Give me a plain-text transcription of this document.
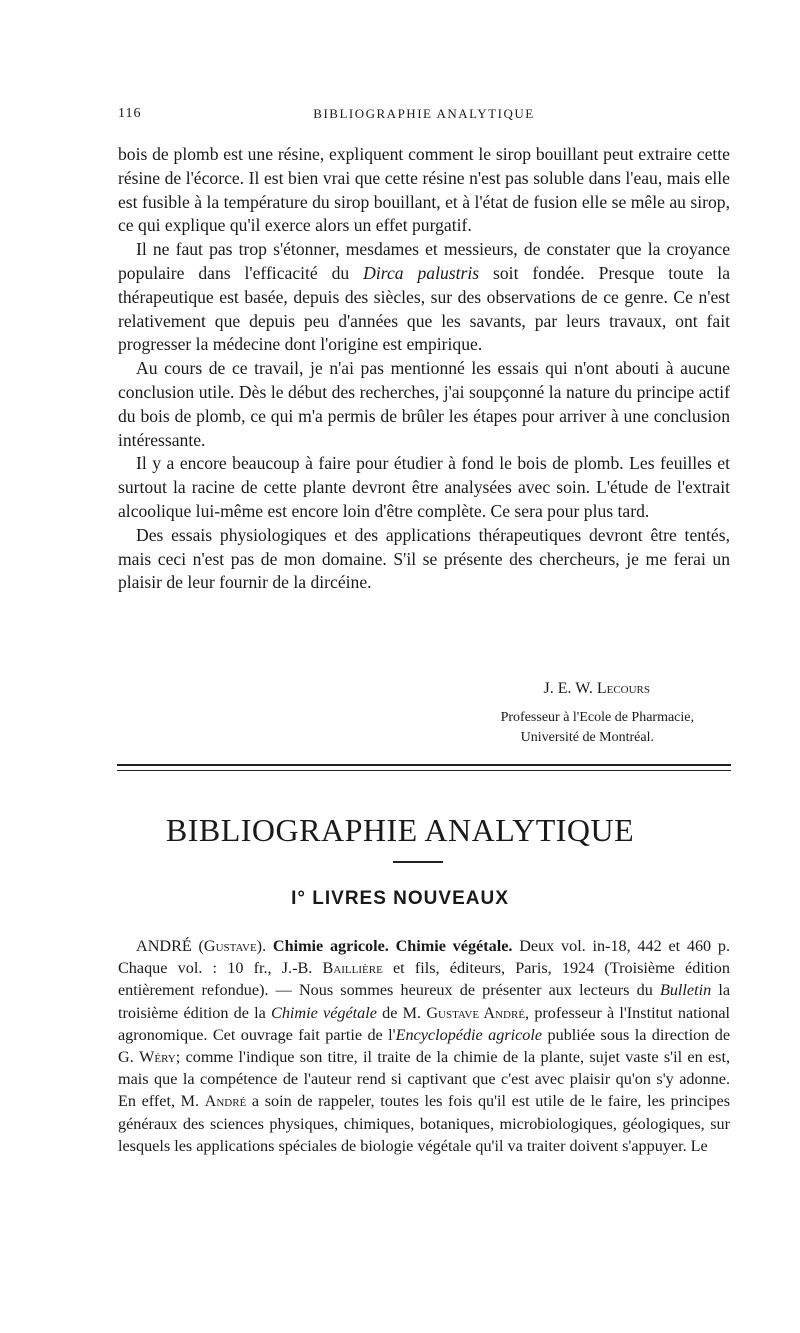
116	BIBLIOGRAPHIE ANALYTIQUE

bois de plomb est une résine, expliquent comment le sirop bouillant peut extraire cette résine de l'écorce. Il est bien vrai que cette résine n'est pas soluble dans l'eau, mais elle est fusible à la température du sirop bouillant, et à l'état de fusion elle se mêle au sirop, ce qui explique qu'il exerce alors un effet purgatif.

Il ne faut pas trop s'étonner, mesdames et messieurs, de constater que la croyance populaire dans l'efficacité du Dirca palustris soit fondée. Presque toute la thérapeutique est basée, depuis des siècles, sur des observations de ce genre. Ce n'est relativement que depuis peu d'années que les savants, par leurs travaux, ont fait progresser la médecine dont l'origine est empirique.

Au cours de ce travail, je n'ai pas mentionné les essais qui n'ont abouti à aucune conclusion utile. Dès le début des recherches, j'ai soupçonné la nature du principe actif du bois de plomb, ce qui m'a permis de brûler les étapes pour arriver à une conclusion intéressante.

Il y a encore beaucoup à faire pour étudier à fond le bois de plomb. Les feuilles et surtout la racine de cette plante devront être analysées avec soin. L'étude de l'extrait alcoolique lui-même est encore loin d'être complète. Ce sera pour plus tard.

Des essais physiologiques et des applications thérapeutiques devront être tentés, mais ceci n'est pas de mon domaine. S'il se présente des chercheurs, je me ferai un plaisir de leur fournir de la dircéine.

J. E. W. Lecours
Professeur à l'Ecole de Pharmacie,
Université de Montréal.
BIBLIOGRAPHIE ANALYTIQUE
I° LIVRES NOUVEAUX

ANDRÉ (Gustave). Chimie agricole. Chimie végétale. Deux vol. in-18, 442 et 460 p. Chaque vol. : 10 fr., J.-B. Baillière et fils, éditeurs, Paris, 1924 (Troisième édition entièrement refondue). — Nous sommes heureux de présenter aux lecteurs du Bulletin la troisième édition de la Chimie végétale de M. Gustave André, professeur à l'Institut national agronomique. Cet ouvrage fait partie de l'Encyclopédie agricole publiée sous la direction de G. Wéry; comme l'indique son titre, il traite de la chimie de la plante, sujet vaste s'il en est, mais que la compétence de l'auteur rend si captivant que c'est avec plaisir qu'on s'y adonne. En effet, M. André a soin de rappeler, toutes les fois qu'il est utile de le faire, les principes généraux des sciences physiques, chimiques, botaniques, microbiologiques, géologiques, sur lesquels les applications spéciales de biologie végétale qu'il va traiter doivent s'appuyer. Le
